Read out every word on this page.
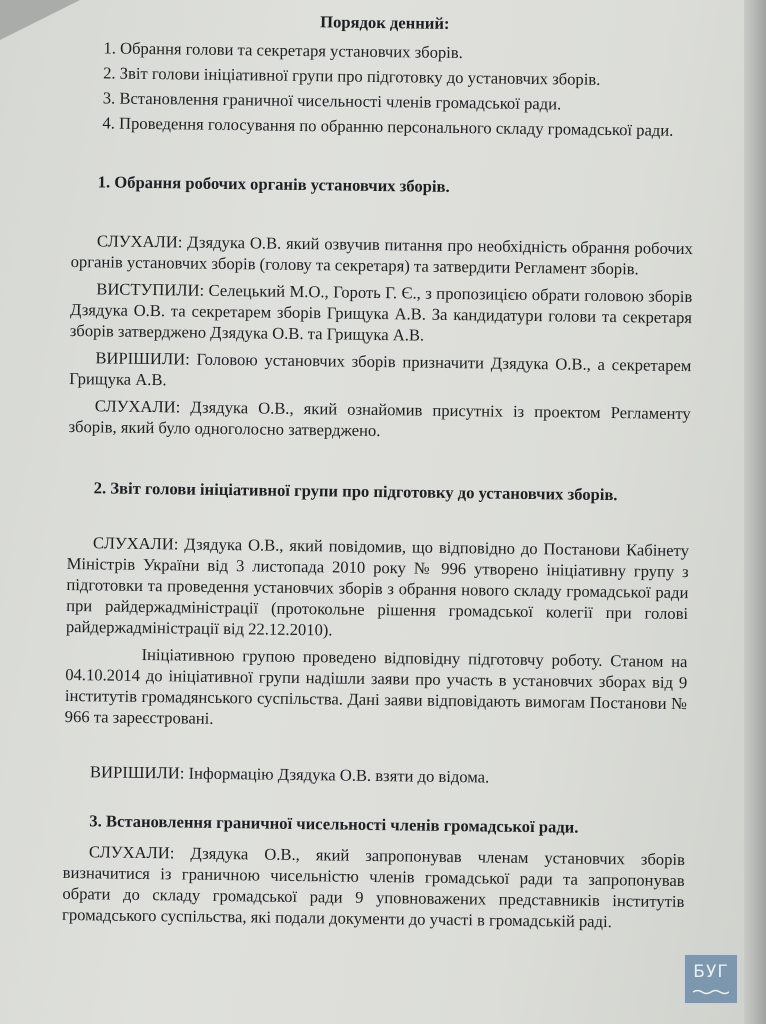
Порядок денний:
1. Обрання голови та секретаря установчих зборів.
2. Звіт голови ініціативної групи про підготовку до установчих зборів.
3. Встановлення граничної чисельності членів громадської ради.
4. Проведення голосування по обранню персонального складу громадської ради.
1. Обрання робочих органів установчих зборів.

СЛУХАЛИ: Дзядука О.В. який озвучив питання про необхідність обрання робочих органів установчих зборів (голову та секретаря) та затвердити Регламент зборів.

ВИСТУПИЛИ: Селецький М.О., Гороть Г. Є., з пропозицією обрати головою зборів Дзядука О.В. та секретарем зборів Грищука А.В. За кандидатури голови та секретаря зборів затверджено Дзядука О.В. та Грищука А.В.

ВИРІШИЛИ: Головою установчих зборів призначити Дзядука О.В., а секретарем Грищука А.В.

СЛУХАЛИ: Дзядука О.В., який ознайомив присутніх із проектом Регламенту зборів, який було одноголосно затверджено.

2. Звіт голови ініціативної групи про підготовку до установчих зборів.

СЛУХАЛИ: Дзядука О.В., який повідомив, що відповідно до Постанови Кабінету Міністрів України від 3 листопада 2010 року № 996 утворено ініціативну групу з підготовки та проведення установчих зборів з обрання нового складу громадської ради при райдержадміністрації (протокольне рішення громадської колегії при голові райдержадміністрації від 22.12.2010).

Ініціативною групою проведено відповідну підготовчу роботу. Станом на 04.10.2014 до ініціативної групи надішли заяви про участь в установчих зборах від 9 інститутів громадянського суспільства. Дані заяви відповідають вимогам Постанови № 966 та зареєстровані.

ВИРІШИЛИ: Інформацію Дзядука О.В. взяти до відома.

3. Встановлення граничної чисельності членів громадської ради.

СЛУХАЛИ: Дзядука О.В., який запропонував членам установчих зборів визначитися із граничною чисельністю членів громадської ради та запропонував обрати до складу громадської ради 9 уповноважених представників інститутів громадського суспільства, які подали документи до участі в громадській раді.

БУГ
